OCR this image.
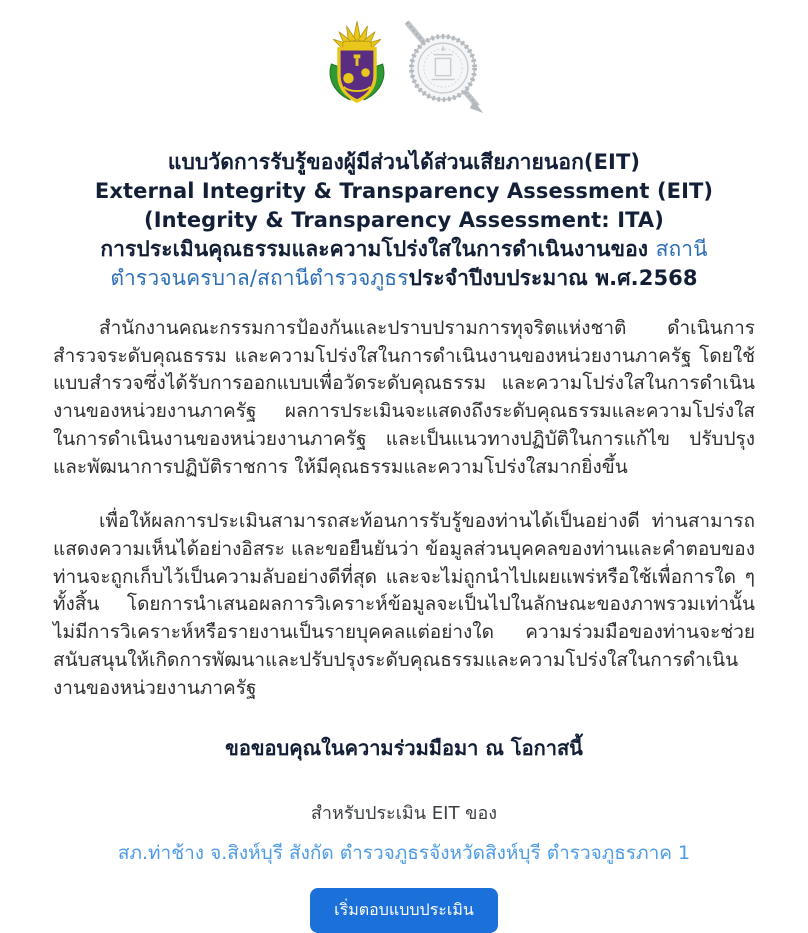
แบบวัดการรับรู้ของผู้มีส่วนได้ส่วนเสียภายนอก(EIT)
External Integrity & Transparency Assessment (EIT)
(Integrity & Transparency Assessment: ITA)
การประเมินคุณธรรมและความโปร่งใสในการดำเนินงานของ สถานีตำรวจนครบาล/สถานีตำรวจภูธรประจำปีงบประมาณ พ.ศ.2568

สำนักงานคณะกรรมการป้องกันและปราบปรามการทุจริตแห่งชาติ ดำเนินการสำรวจระดับคุณธรรม และความโปร่งใสในการดำเนินงานของหน่วยงานภาครัฐ โดยใช้แบบสำรวจซึ่งได้รับการออกแบบเพื่อวัดระดับคุณธรรม และความโปร่งใสในการดำเนินงานของหน่วยงานภาครัฐ ผลการประเมินจะแสดงถึงระดับคุณธรรมและความโปร่งใส ในการดำเนินงานของหน่วยงานภาครัฐ และเป็นแนวทางปฏิบัติในการแก้ไข ปรับปรุง และพัฒนาการปฏิบัติราชการ ให้มีคุณธรรมและความโปร่งใสมากยิ่งขึ้น

เพื่อให้ผลการประเมินสามารถสะท้อนการรับรู้ของท่านได้เป็นอย่างดี ท่านสามารถแสดงความเห็นได้อย่างอิสระ และขอยืนยันว่า ข้อมูลส่วนบุคคลของท่านและคำตอบของท่านจะถูกเก็บไว้เป็นความลับอย่างดีที่สุด และจะไม่ถูกนำไปเผยแพร่หรือใช้เพื่อการใด ๆ ทั้งสิ้น โดยการนำเสนอผลการวิเคราะห์ข้อมูลจะเป็นไปในลักษณะของภาพรวมเท่านั้น ไม่มีการวิเคราะห์หรือรายงานเป็นรายบุคคลแต่อย่างใด ความร่วมมือของท่านจะช่วยสนับสนุนให้เกิดการพัฒนาและปรับปรุงระดับคุณธรรมและความโปร่งใสในการดำเนินงานของหน่วยงานภาครัฐ

ขอขอบคุณในความร่วมมือมา ณ โอกาสนี้
สำหรับประเมิน EIT ของ
สภ.ท่าช้าง จ.สิงห์บุรี สังกัด ตำรวจภูธรจังหวัดสิงห์บุรี ตำรวจภูธรภาค 1
เริ่มตอบแบบประเมิน
